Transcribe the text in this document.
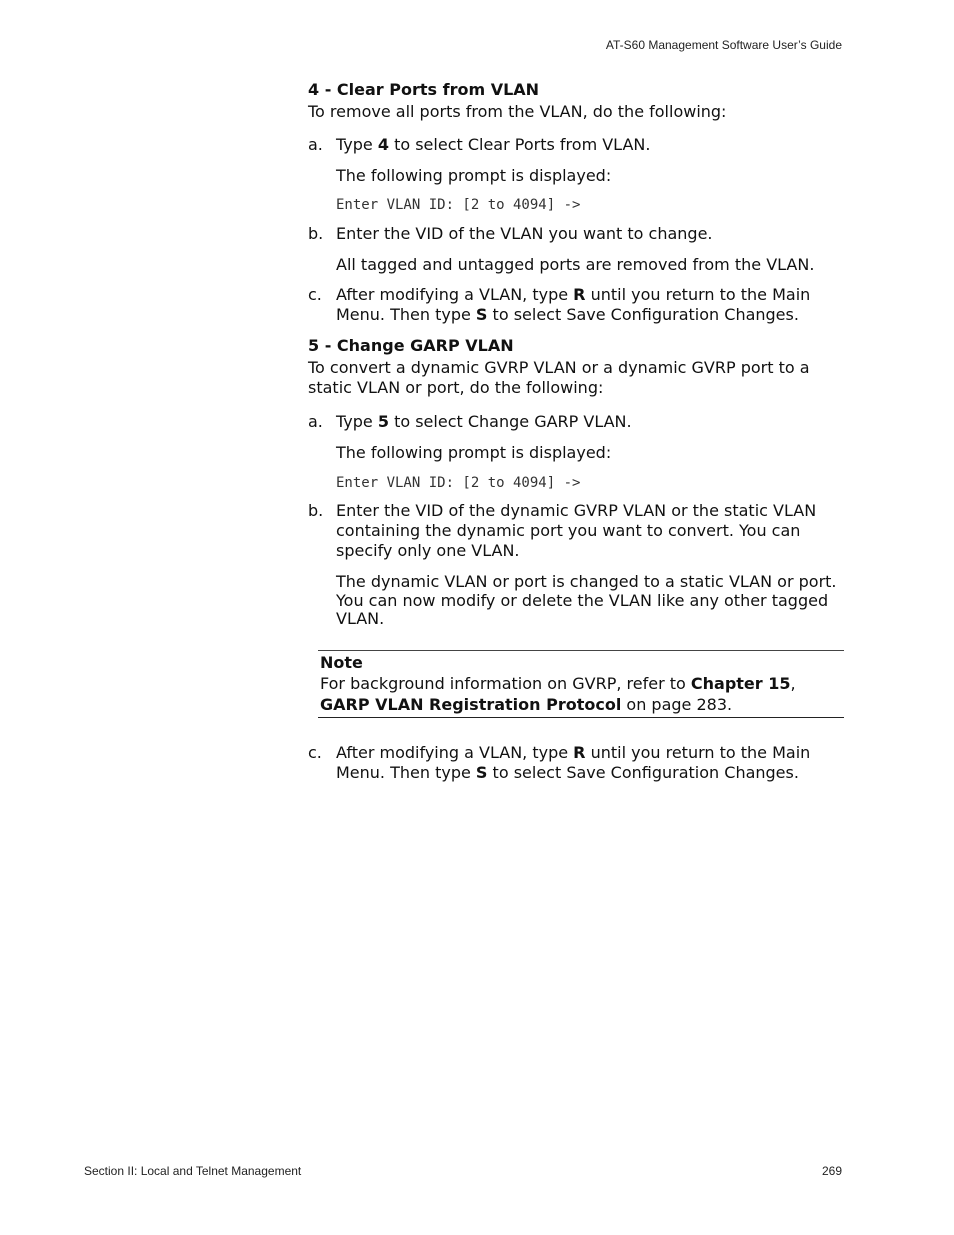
AT-S60 Management Software User’s Guide
4 - Clear Ports from VLAN
To remove all ports from the VLAN, do the following:
a. Type 4 to select Clear Ports from VLAN.
The following prompt is displayed:
Enter VLAN ID: [2 to 4094] ->
b. Enter the VID of the VLAN you want to change.
All tagged and untagged ports are removed from the VLAN.
c. After modifying a VLAN, type R until you return to the Main Menu. Then type S to select Save Configuration Changes.
5 - Change GARP VLAN
To convert a dynamic GVRP VLAN or a dynamic GVRP port to a static VLAN or port, do the following:
a. Type 5 to select Change GARP VLAN.
The following prompt is displayed:
Enter VLAN ID: [2 to 4094] ->
b. Enter the VID of the dynamic GVRP VLAN or the static VLAN containing the dynamic port you want to convert. You can specify only one VLAN.
The dynamic VLAN or port is changed to a static VLAN or port. You can now modify or delete the VLAN like any other tagged VLAN.
Note
For background information on GVRP, refer to Chapter 15, GARP VLAN Registration Protocol on page 283.
c. After modifying a VLAN, type R until you return to the Main Menu. Then type S to select Save Configuration Changes.
Section II: Local and Telnet Management	269
